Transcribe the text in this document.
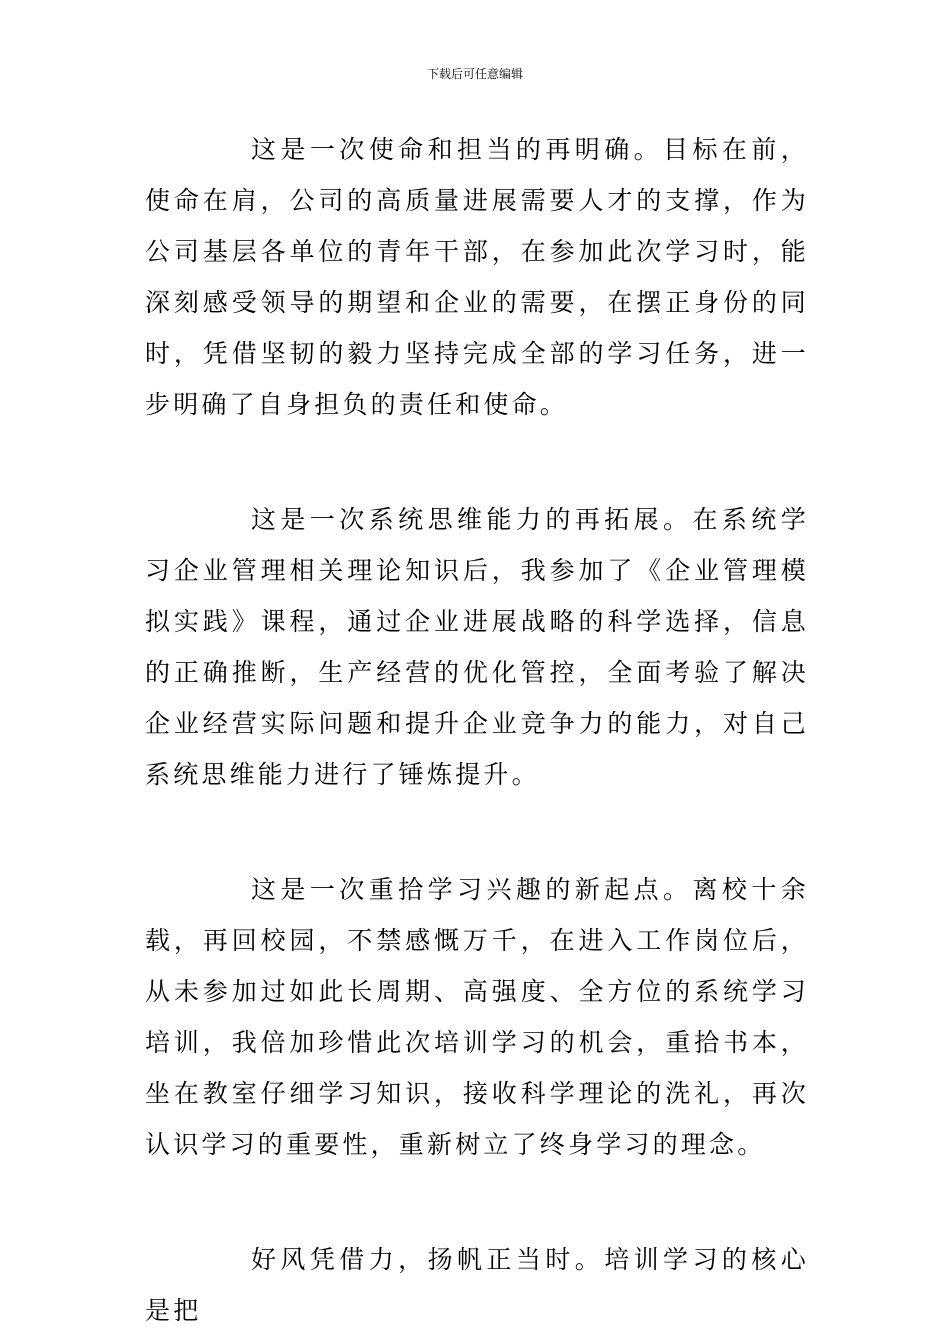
下载后可任意编辑

这是一次使命和担当的再明确。目标在前，使命在肩，公司的高质量进展需要人才的支撑，作为公司基层各单位的青年干部，在参加此次学习时，能深刻感受领导的期望和企业的需要，在摆正身份的同时，凭借坚韧的毅力坚持完成全部的学习任务，进一步明确了自身担负的责任和使命。

这是一次系统思维能力的再拓展。在系统学习企业管理相关理论知识后，我参加了《企业管理模拟实践》课程，通过企业进展战略的科学选择，信息的正确推断，生产经营的优化管控，全面考验了解决企业经营实际问题和提升企业竞争力的能力，对自己系统思维能力进行了锤炼提升。

这是一次重拾学习兴趣的新起点。离校十余载，再回校园，不禁感慨万千，在进入工作岗位后，从未参加过如此长周期、高强度、全方位的系统学习培训，我倍加珍惜此次培训学习的机会，重拾书本，坐在教室仔细学习知识，接收科学理论的洗礼，再次认识学习的重要性，重新树立了终身学习的理念。

好风凭借力，扬帆正当时。培训学习的核心是把
